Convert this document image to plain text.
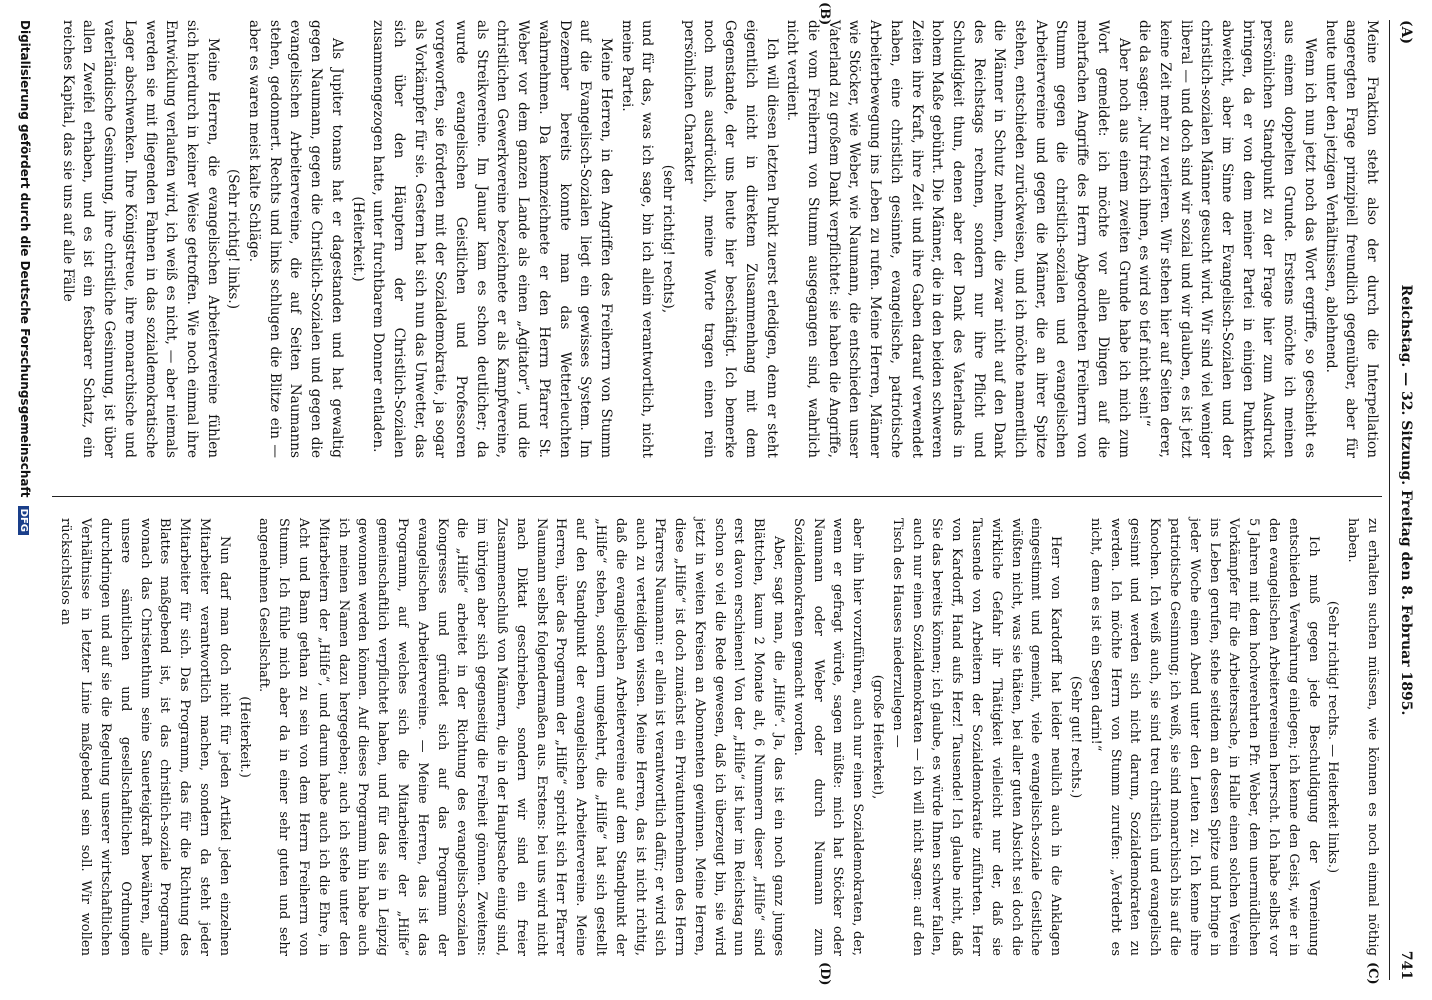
(A)
Reichstag. — 32. Sitzung. Freitag den 8. Februar 1895.
741

Meine Fraktion steht also der durch die Interpellation angeregten Frage prinzipiell freundlich gegenüber, aber für heute unter den jetzigen Verhältnissen, ablehnend.

Wenn ich nun jetzt noch das Wort ergriffe, so geschieht es aus einem doppelten Grunde. Erstens möchte ich meinen persönlichen Standpunkt zu der Frage hier zum Ausdruck bringen, da er von dem meiner Partei in einigen Punkten abweicht, aber im Sinne der Evangelisch-Sozialen und der christlich-sozialen Männer gesucht wird. Wir sind viel weniger liberal — und doch sind wir sozial und wir glauben, es ist jetzt keine Zeit mehr zu verlieren. Wir stehen hier auf Seiten derer, die da sagen: „Nur frisch ihnen, es wird so tief nicht sein!“

Aber noch aus einem zweiten Grunde habe ich mich zum Wort gemeldet: ich möchte vor allen Dingen auf die mehrfachen Angriffe des Herrn Abgeordneten Freiherrn von Stumm gegen die christlich-sozialen und evangelischen Arbeitervereine und gegen die Männer, die an ihrer Spitze stehen, entschieden zurückweisen, und ich möchte namentlich die Männer in Schutz nehmen, die zwar nicht auf den Dank des Reichstags rechnen, sondern nur ihre Pflicht und Schuldigkeit thun, denen aber der Dank des Vaterlands in hohem Maße gebührt. Die Männer, die in den beiden schweren Zeiten ihre Kraft, ihre Zeit und ihre Gaben darauf verwendet haben, eine christlich gesinnte, evangelische, patriotische Arbeiterbewegung ins Leben zu rufen. Meine Herren, Männer wie Stöcker, wie Weber, wie Naumann, die entschieden unser Vaterland zu großem Dank verpflichtet: sie haben die Angriffe, die vom Freiherrn von Stumm ausgegangen sind, wahrlich nicht verdient.

Ich will diesen letzten Punkt zuerst erledigen, denn er steht eigentlich nicht in direktem Zusammenhang mit dem Gegenstande, der uns heute hier beschäftigt. Ich bemerke noch mals ausdrücklich, meine Worte tragen einen rein persönlichen Charakter

(sehr richtig! rechts),

und für das, was ich sage, bin ich allein verantwortlich, nicht meine Partei.

Meine Herren, in den Angriffen des Freiherrn von Stumm auf die Evangelisch-Sozialen liegt ein gewisses System. Im Dezember bereits konnte man das Wetterleuchten wahrnehmen. Da kennzeichnete er den Herrn Pfarrer St. Weber vor dem ganzen Lande als einen „Agitator“, und die christlichen Gewerkvereine bezeichnete er als Kampfvereine, als Streikvereine. Im Januar kam es schon deutlicher; da wurde evangelischen Geistlichen und Professoren vorgeworfen, sie förderten mit der Sozialdemokratie, ja sogar als Vorkämpfer für sie. Gestern hat sich nun das Unwetter, das sich über den Häuptern der Christlich-Sozialen zusammengezogen hatte, unter furchtbarem Donner entladen.

(Heiterkeit.)

Als Jupiter tonans hat er dagestanden und hat gewaltig gegen Naumann, gegen die Christlich-Sozialen und gegen die evangelischen Arbeitervereine, die auf Seiten Naumanns stehen, gedonnert. Rechts und links schlugen die Blitze ein — aber es waren meist kalte Schläge.

(Sehr richtig! links.)

Meine Herren, die evangelischen Arbeitervereine fühlen sich hierdurch in keiner Weise getroffen. Wie noch einmal ihre Entwicklung verlaufen wird, ich weiß es nicht, — aber niemals werden sie mit fliegenden Fahnen in das sozialdemokratische Lager abschwenken. Ihre Königstreue, ihre monarchische und vaterländische Gesinnung, ihre christliche Gesinnung, ist über allen Zweifel erhaben, und es ist ein festbarer Schatz, ein reiches Kapital, das sie uns auf alle Fälle

zu erhalten suchen müssen, wie können es noch einmal nöthig haben.

(Sehr richtig! rechts. — Heiterkeit links.)

Ich muß gegen jede Beschuldigung der Verneinung entschieden Verwahrung einlegen; ich kenne den Geist, wie er in den evangelischen Arbeitervereinen herrscht. Ich habe selbst vor 5 Jahren mit dem hochverehrten Pfr. Weber, dem unermüdlichen Vorkämpfer für die Arbeitersache, in Halle einen solchen Verein ins Leben gerufen, stehe seitdem an dessen Spitze und bringe in jeder Woche einen Abend unter den Leuten zu. Ich kenne ihre patriotische Gesinnung; ich weiß, sie sind monarchisch bis auf die Knochen. Ich weiß auch, sie sind treu christlich und evangelisch gesinnt und werden sich nicht darum, Sozialdemokraten zu werden. Ich möchte Herrn von Stumm zurufen: „Verderbt es nicht, denn es ist ein Segen darin!“

(Sehr gut! rechts.)

Herr von Kardorff hat leider neulich auch in die Anklagen eingestimmt und gemeint, viele evangelisch-soziale Geistliche wüßten nicht, was sie thäten, bei aller guten Absicht sei doch die wirkliche Gefahr ihr Thätigkeit vielleicht nur der, daß sie Tausende von Arbeitern der Sozialdemokratie zuführten. Herr von Kardorff, Hand aufs Herz! Tausende! Ich glaube nicht, daß Sie das bereits können; ich glaube, es würde Ihnen schwer fallen, auch nur einen Sozialdemokraten — ich will nicht sagen: auf den Tisch des Hauses niederzulegen —

(große Heiterkeit),

aber ihn hier vorzuführen, auch nur einen Sozialdemokraten, der, wenn er gefragt würde, sagen müßte: mich hat Stöcker oder Naumann oder Weber oder durch Naumann zum Sozialdemokraten gemacht worden.

Aber, sagt man, die „Hilfe“. Ja, das ist ein noch ganz junges Blättchen, kaum 2 Monate alt, 6 Nummern dieser „Hilfe“ sind erst davon erschienen! Von der „Hilfe“ ist hier im Reichstag nun schon so viel die Rede gewesen, daß ich überzeugt bin, sie wird jetzt in weiten Kreisen an Abonnenten gewinnen. Meine Herren, diese „Hilfe“ ist doch zunächst ein Privatunternehmen des Herrn Pfarrers Naumann: er allein ist verantwortlich dafür; er wird sich auch zu verteidigen wissen. Meine Herren, das ist nicht richtig, daß die evangelischen Arbeitervereine auf dem Standpunkt der „Hilfe“ stehen, sondern umgekehrt, die „Hilfe“ hat sich gestellt auf den Standpunkt der evangelischen Arbeitervereine. Meine Herren, über das Programm der „Hilfe“ spricht sich Herr Pfarrer Naumann selbst folgendermaßen aus. Erstens: bei uns wird nicht nach Diktat geschrieben, sondern wir sind ein freier Zusammenschluß von Männern, die in der Hauptsache einig sind, im übrigen aber sich gegenseitig die Freiheit gönnen. Zweitens: die „Hilfe“ arbeitet in der Richtung des evangelisch-sozialen Kongresses und gründet sich auf das Programm der evangelischen Arbeitervereine. — Meine Herren, das ist das Programm, auf welches sich die Mitarbeiter der „Hilfe“ gemeinschaftlich verpflichtet haben, und für das sie in Leipzig gewonnen werden können. Auf dieses Programm hin habe auch ich meinen Namen dazu hergegeben; auch ich stehe unter den Mitarbeitern der „Hilfe“, und darum habe auch ich die Ehre, in Acht und Bann gethan zu sein von dem Herrn Freiherrn von Stumm. Ich fühle mich aber da in einer sehr guten und sehr angenehmen Gesellschaft.

(Heiterkeit.)

Nun darf man doch nicht für jeden Artikel jeden einzelnen Mitarbeiter verantwortlich machen, sondern da steht jeder Mitarbeiter für sich. Das Programm, das für die Richtung des Blattes maßgebend ist, ist das christlich-soziale Programm, wonach das Christenthum seine Sauerteigkraft bewähren, alle unsere sämtlichen und gesellschaftlichen Ordnungen durchdringen und auf sie die Regelung unserer wirtschaftlichen Verhältnisse in letzter Linie maßgebend sein soll. Wir wollen rücksichtslos an

(B)
(C)
(D)
Digitalisierung gefördert durch die Deutsche Forschungsgemeinschaft DFG
